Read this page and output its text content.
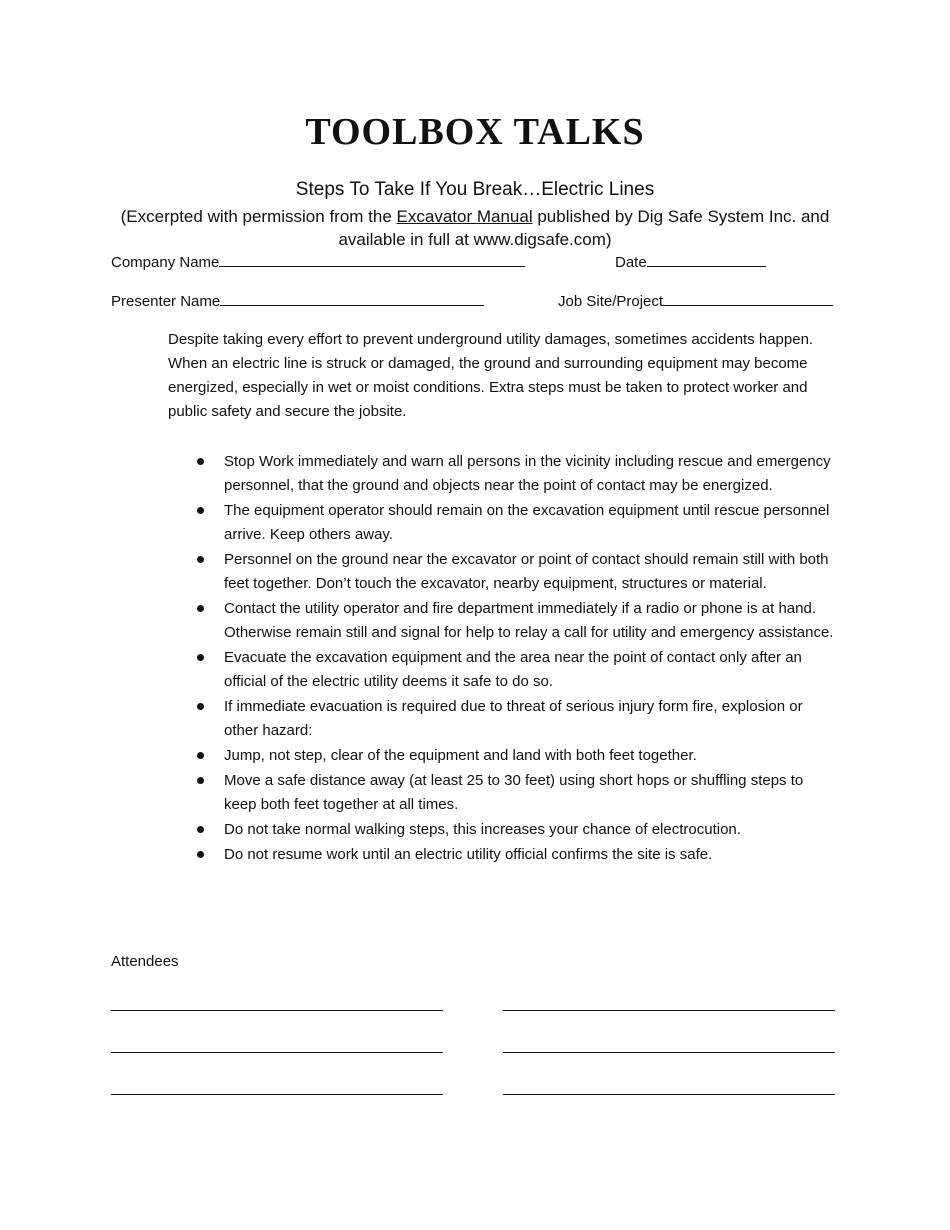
TOOLBOX TALKS
Steps To Take If You Break…Electric Lines
(Excerpted with permission from the Excavator Manual published by Dig Safe System Inc. and available in full at www.digsafe.com)
Company Name	Date
Presenter Name	Job Site/Project
Despite taking every effort to prevent underground utility damages, sometimes accidents happen. When an electric line is struck or damaged, the ground and surrounding equipment may become energized, especially in wet or moist conditions. Extra steps must be taken to protect worker and public safety and secure the jobsite.
Stop Work immediately and warn all persons in the vicinity including rescue and emergency personnel, that the ground and objects near the point of contact may be energized.
The equipment operator should remain on the excavation equipment until rescue personnel arrive. Keep others away.
Personnel on the ground near the excavator or point of contact should remain still with both feet together. Don’t touch the excavator, nearby equipment, structures or material.
Contact the utility operator and fire department immediately if a radio or phone is at hand. Otherwise remain still and signal for help to relay a call for utility and emergency assistance.
Evacuate the excavation equipment and the area near the point of contact only after an official of the electric utility deems it safe to do so.
If immediate evacuation is required due to threat of serious injury form fire, explosion or other hazard:
Jump, not step, clear of the equipment and land with both feet together.
Move a safe distance away (at least 25 to 30 feet) using short hops or shuffling steps to keep both feet together at all times.
Do not take normal walking steps, this increases your chance of electrocution.
Do not resume work until an electric utility official confirms the site is safe.
Attendees
